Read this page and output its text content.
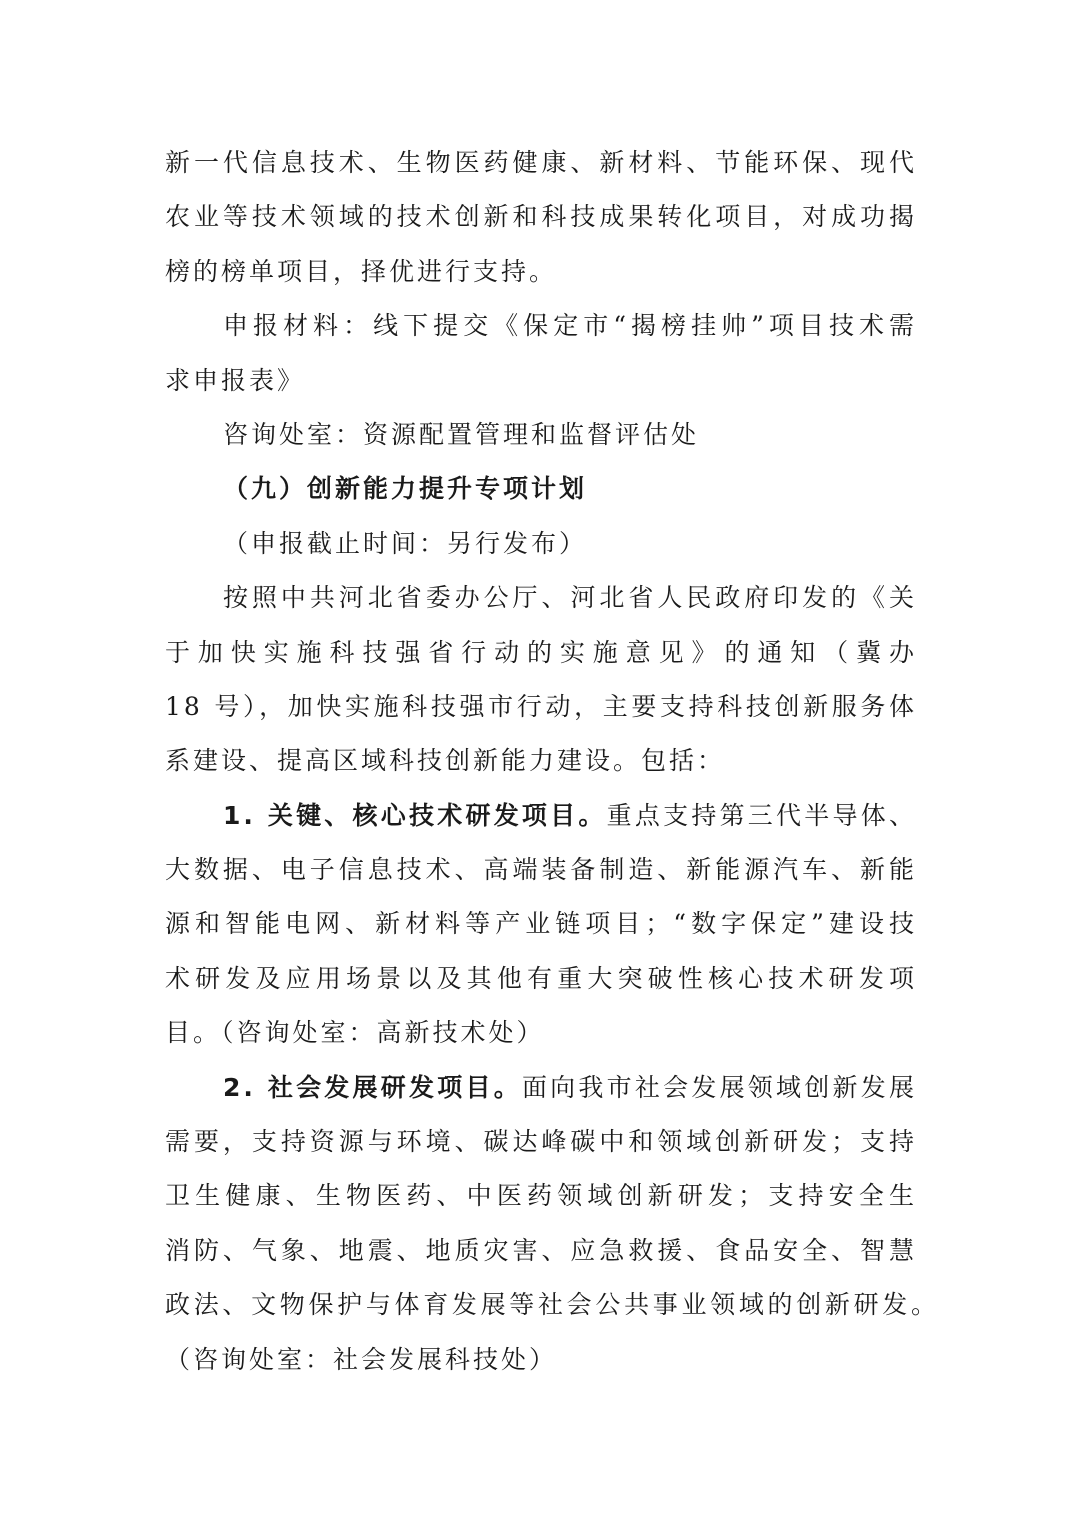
新一代信息技术、生物医药健康、新材料、节能环保、现代
农业等技术领域的技术创新和科技成果转化项目，对成功揭
榜的榜单项目，择优进行支持。
申报材料：线下提交《保定市“揭榜挂帅”项目技术需
求申报表》
咨询处室：资源配置管理和监督评估处
（九）创新能力提升专项计划
（申报截止时间：另行发布）
按照中共河北省委办公厅、河北省人民政府印发的《关
于加快实施科技强省行动的实施意见》的通知（冀办
18 号），加快实施科技强市行动，主要支持科技创新服务体
系建设、提高区域科技创新能力建设。包括：
1. 关键、核心技术研发项目。重点支持第三代半导体、
大数据、电子信息技术、高端装备制造、新能源汽车、新能
源和智能电网、新材料等产业链项目；“数字保定”建设技
术研发及应用场景以及其他有重大突破性核心技术研发项
目。（咨询处室：高新技术处）
2. 社会发展研发项目。面向我市社会发展领域创新发展
需要，支持资源与环境、碳达峰碳中和领域创新研发；支持
卫生健康、生物医药、中医药领域创新研发；支持安全生
消防、气象、地震、地质灾害、应急救援、食品安全、智慧
政法、文物保护与体育发展等社会公共事业领域的创新研发。
（咨询处室：社会发展科技处）
